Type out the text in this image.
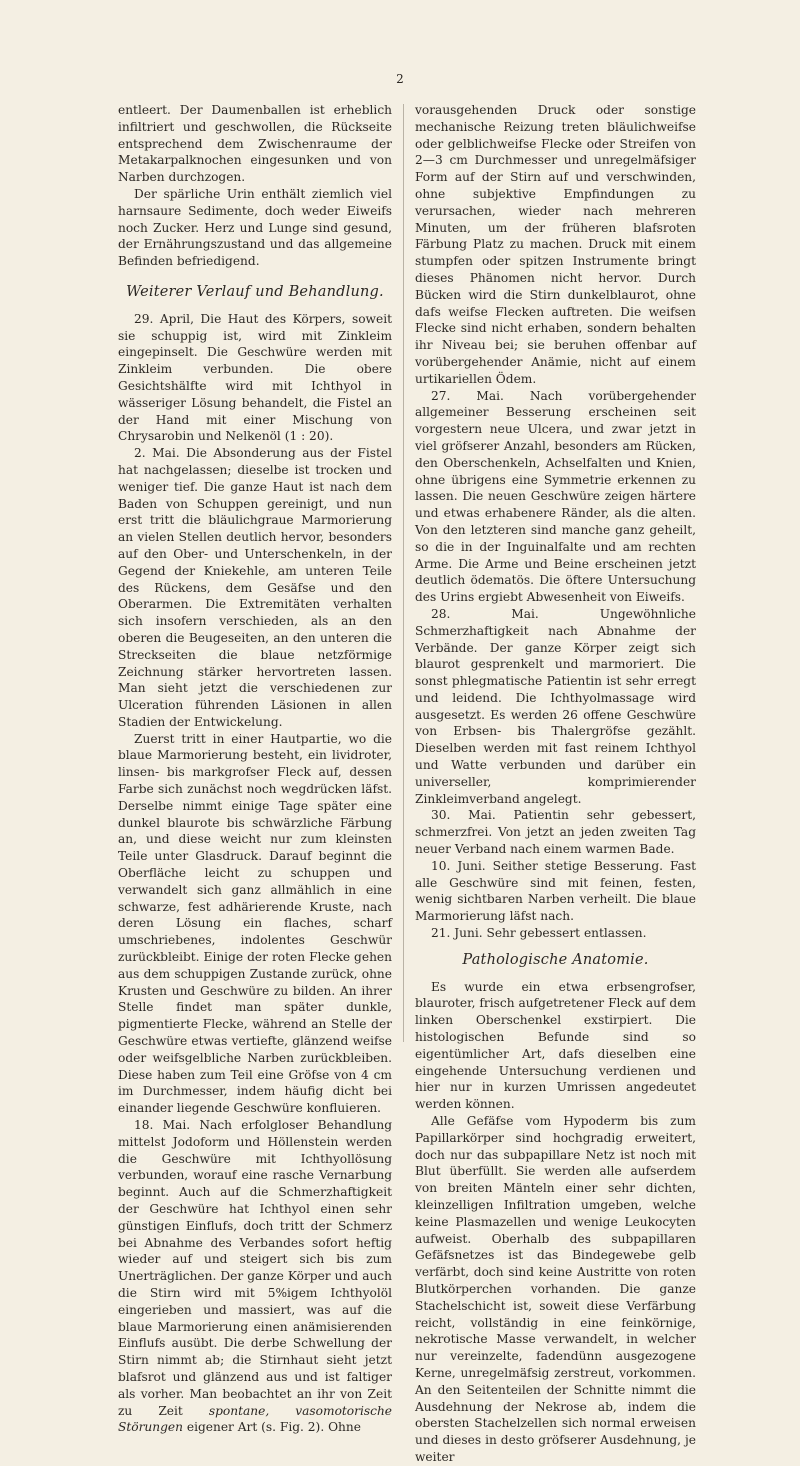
2

entleert. Der Daumenballen ist erheblich infiltriert und geschwollen, die Rückseite entsprechend dem Zwischenraume der Metakarpalknochen eingesunken und von Narben durchzogen.

Der spärliche Urin enthält ziemlich viel harnsaure Sedimente, doch weder Eiweifs noch Zucker. Herz und Lunge sind gesund, der Ernährungszustand und das allgemeine Befinden befriedigend.

Weiterer Verlauf und Behandlung.

29. April, Die Haut des Körpers, soweit sie schuppig ist, wird mit Zinkleim eingepinselt. Die Geschwüre werden mit Zinkleim verbunden. Die obere Gesichtshälfte wird mit Ichthyol in wässeriger Lösung behandelt, die Fistel an der Hand mit einer Mischung von Chrysarobin und Nelkenöl (1 : 20).

2. Mai. Die Absonderung aus der Fistel hat nachgelassen; dieselbe ist trocken und weniger tief. Die ganze Haut ist nach dem Baden von Schuppen gereinigt, und nun erst tritt die bläulichgraue Marmorierung an vielen Stellen deutlich hervor, besonders auf den Ober- und Unterschenkeln, in der Gegend der Kniekehle, am unteren Teile des Rückens, dem Gesäfse und den Oberarmen. Die Extremitäten verhalten sich insofern verschieden, als an den oberen die Beugeseiten, an den unteren die Streckseiten die blaue netzförmige Zeichnung stärker hervortreten lassen. Man sieht jetzt die verschiedenen zur Ulceration führenden Läsionen in allen Stadien der Entwickelung.

Zuerst tritt in einer Hautpartie, wo die blaue Marmorierung besteht, ein lividroter, linsen- bis markgrofser Fleck auf, dessen Farbe sich zunächst noch wegdrücken läfst. Derselbe nimmt einige Tage später eine dunkel blaurote bis schwärzliche Färbung an, und diese weicht nur zum kleinsten Teile unter Glasdruck. Darauf beginnt die Oberfläche leicht zu schuppen und verwandelt sich ganz allmählich in eine schwarze, fest adhärierende Kruste, nach deren Lösung ein flaches, scharf umschriebenes, indolentes Geschwür zurückbleibt. Einige der roten Flecke gehen aus dem schuppigen Zustande zurück, ohne Krusten und Geschwüre zu bilden. An ihrer Stelle findet man später dunkle, pigmentierte Flecke, während an Stelle der Geschwüre etwas vertiefte, glänzend weifse oder weifsgelbliche Narben zurückbleiben. Diese haben zum Teil eine Gröfse von 4 cm im Durchmesser, indem häufig dicht bei einander liegende Geschwüre konfluieren.

18. Mai. Nach erfolgloser Behandlung mittelst Jodoform und Höllenstein werden die Geschwüre mit Ichthyollösung verbunden, worauf eine rasche Vernarbung beginnt. Auch auf die Schmerzhaftigkeit der Geschwüre hat Ichthyol einen sehr günstigen Einflufs, doch tritt der Schmerz bei Abnahme des Verbandes sofort heftig wieder auf und steigert sich bis zum Unerträglichen. Der ganze Körper und auch die Stirn wird mit 5%igem Ichthyolöl eingerieben und massiert, was auf die blaue Marmorierung einen anämisierenden Einflufs ausübt. Die derbe Schwellung der Stirn nimmt ab; die Stirnhaut sieht jetzt blafsrot und glänzend aus und ist faltiger als vorher. Man beobachtet an ihr von Zeit zu Zeit spontane, vasomotorische Störungen eigener Art (s. Fig. 2). Ohne

vorausgehenden Druck oder sonstige mechanische Reizung treten bläulichweifse oder gelblichweifse Flecke oder Streifen von 2—3 cm Durchmesser und unregelmäfsiger Form auf der Stirn auf und verschwinden, ohne subjektive Empfindungen zu verursachen, wieder nach mehreren Minuten, um der früheren blafsroten Färbung Platz zu machen. Druck mit einem stumpfen oder spitzen Instrumente bringt dieses Phänomen nicht hervor. Durch Bücken wird die Stirn dunkelblaurot, ohne dafs weifse Flecken auftreten. Die weifsen Flecke sind nicht erhaben, sondern behalten ihr Niveau bei; sie beruhen offenbar auf vorübergehender Anämie, nicht auf einem urtikariellen Ödem.

27. Mai. Nach vorübergehender allgemeiner Besserung erscheinen seit vorgestern neue Ulcera, und zwar jetzt in viel gröfserer Anzahl, besonders am Rücken, den Oberschenkeln, Achselfalten und Knien, ohne übrigens eine Symmetrie erkennen zu lassen. Die neuen Geschwüre zeigen härtere und etwas erhabenere Ränder, als die alten. Von den letzteren sind manche ganz geheilt, so die in der Inguinalfalte und am rechten Arme. Die Arme und Beine erscheinen jetzt deutlich ödematös. Die öftere Untersuchung des Urins ergiebt Abwesenheit von Eiweifs.

28. Mai. Ungewöhnliche Schmerzhaftigkeit nach Abnahme der Verbände. Der ganze Körper zeigt sich blaurot gesprenkelt und marmoriert. Die sonst phlegmatische Patientin ist sehr erregt und leidend. Die Ichthyolmassage wird ausgesetzt. Es werden 26 offene Geschwüre von Erbsen- bis Thalergröfse gezählt. Dieselben werden mit fast reinem Ichthyol und Watte verbunden und darüber ein universeller, komprimierender Zinkleimverband angelegt.

30. Mai. Patientin sehr gebessert, schmerzfrei. Von jetzt an jeden zweiten Tag neuer Verband nach einem warmen Bade.

10. Juni. Seither stetige Besserung. Fast alle Geschwüre sind mit feinen, festen, wenig sichtbaren Narben verheilt. Die blaue Marmorierung läfst nach.

21. Juni. Sehr gebessert entlassen.

Pathologische Anatomie.

Es wurde ein etwa erbsengrofser, blauroter, frisch aufgetretener Fleck auf dem linken Oberschenkel exstirpiert. Die histologischen Befunde sind so eigentümlicher Art, dafs dieselben eine eingehende Untersuchung verdienen und hier nur in kurzen Umrissen angedeutet werden können.

Alle Gefäfse vom Hypoderm bis zum Papillarkörper sind hochgradig erweitert, doch nur das subpapillare Netz ist noch mit Blut überfüllt. Sie werden alle aufserdem von breiten Mänteln einer sehr dichten, kleinzelligen Infiltration umgeben, welche keine Plasmazellen und wenige Leukocyten aufweist. Oberhalb des subpapillaren Gefäfsnetzes ist das Bindegewebe gelb verfärbt, doch sind keine Austritte von roten Blutkörperchen vorhanden. Die ganze Stachelschicht ist, soweit diese Verfärbung reicht, vollständig in eine feinkörnige, nekrotische Masse verwandelt, in welcher nur vereinzelte, fadendünn ausgezogene Kerne, unregelmäfsig zerstreut, vorkommen. An den Seitenteilen der Schnitte nimmt die Ausdehnung der Nekrose ab, indem die obersten Stachelzellen sich normal erweisen und dieses in desto gröfserer Ausdehnung, je weiter
